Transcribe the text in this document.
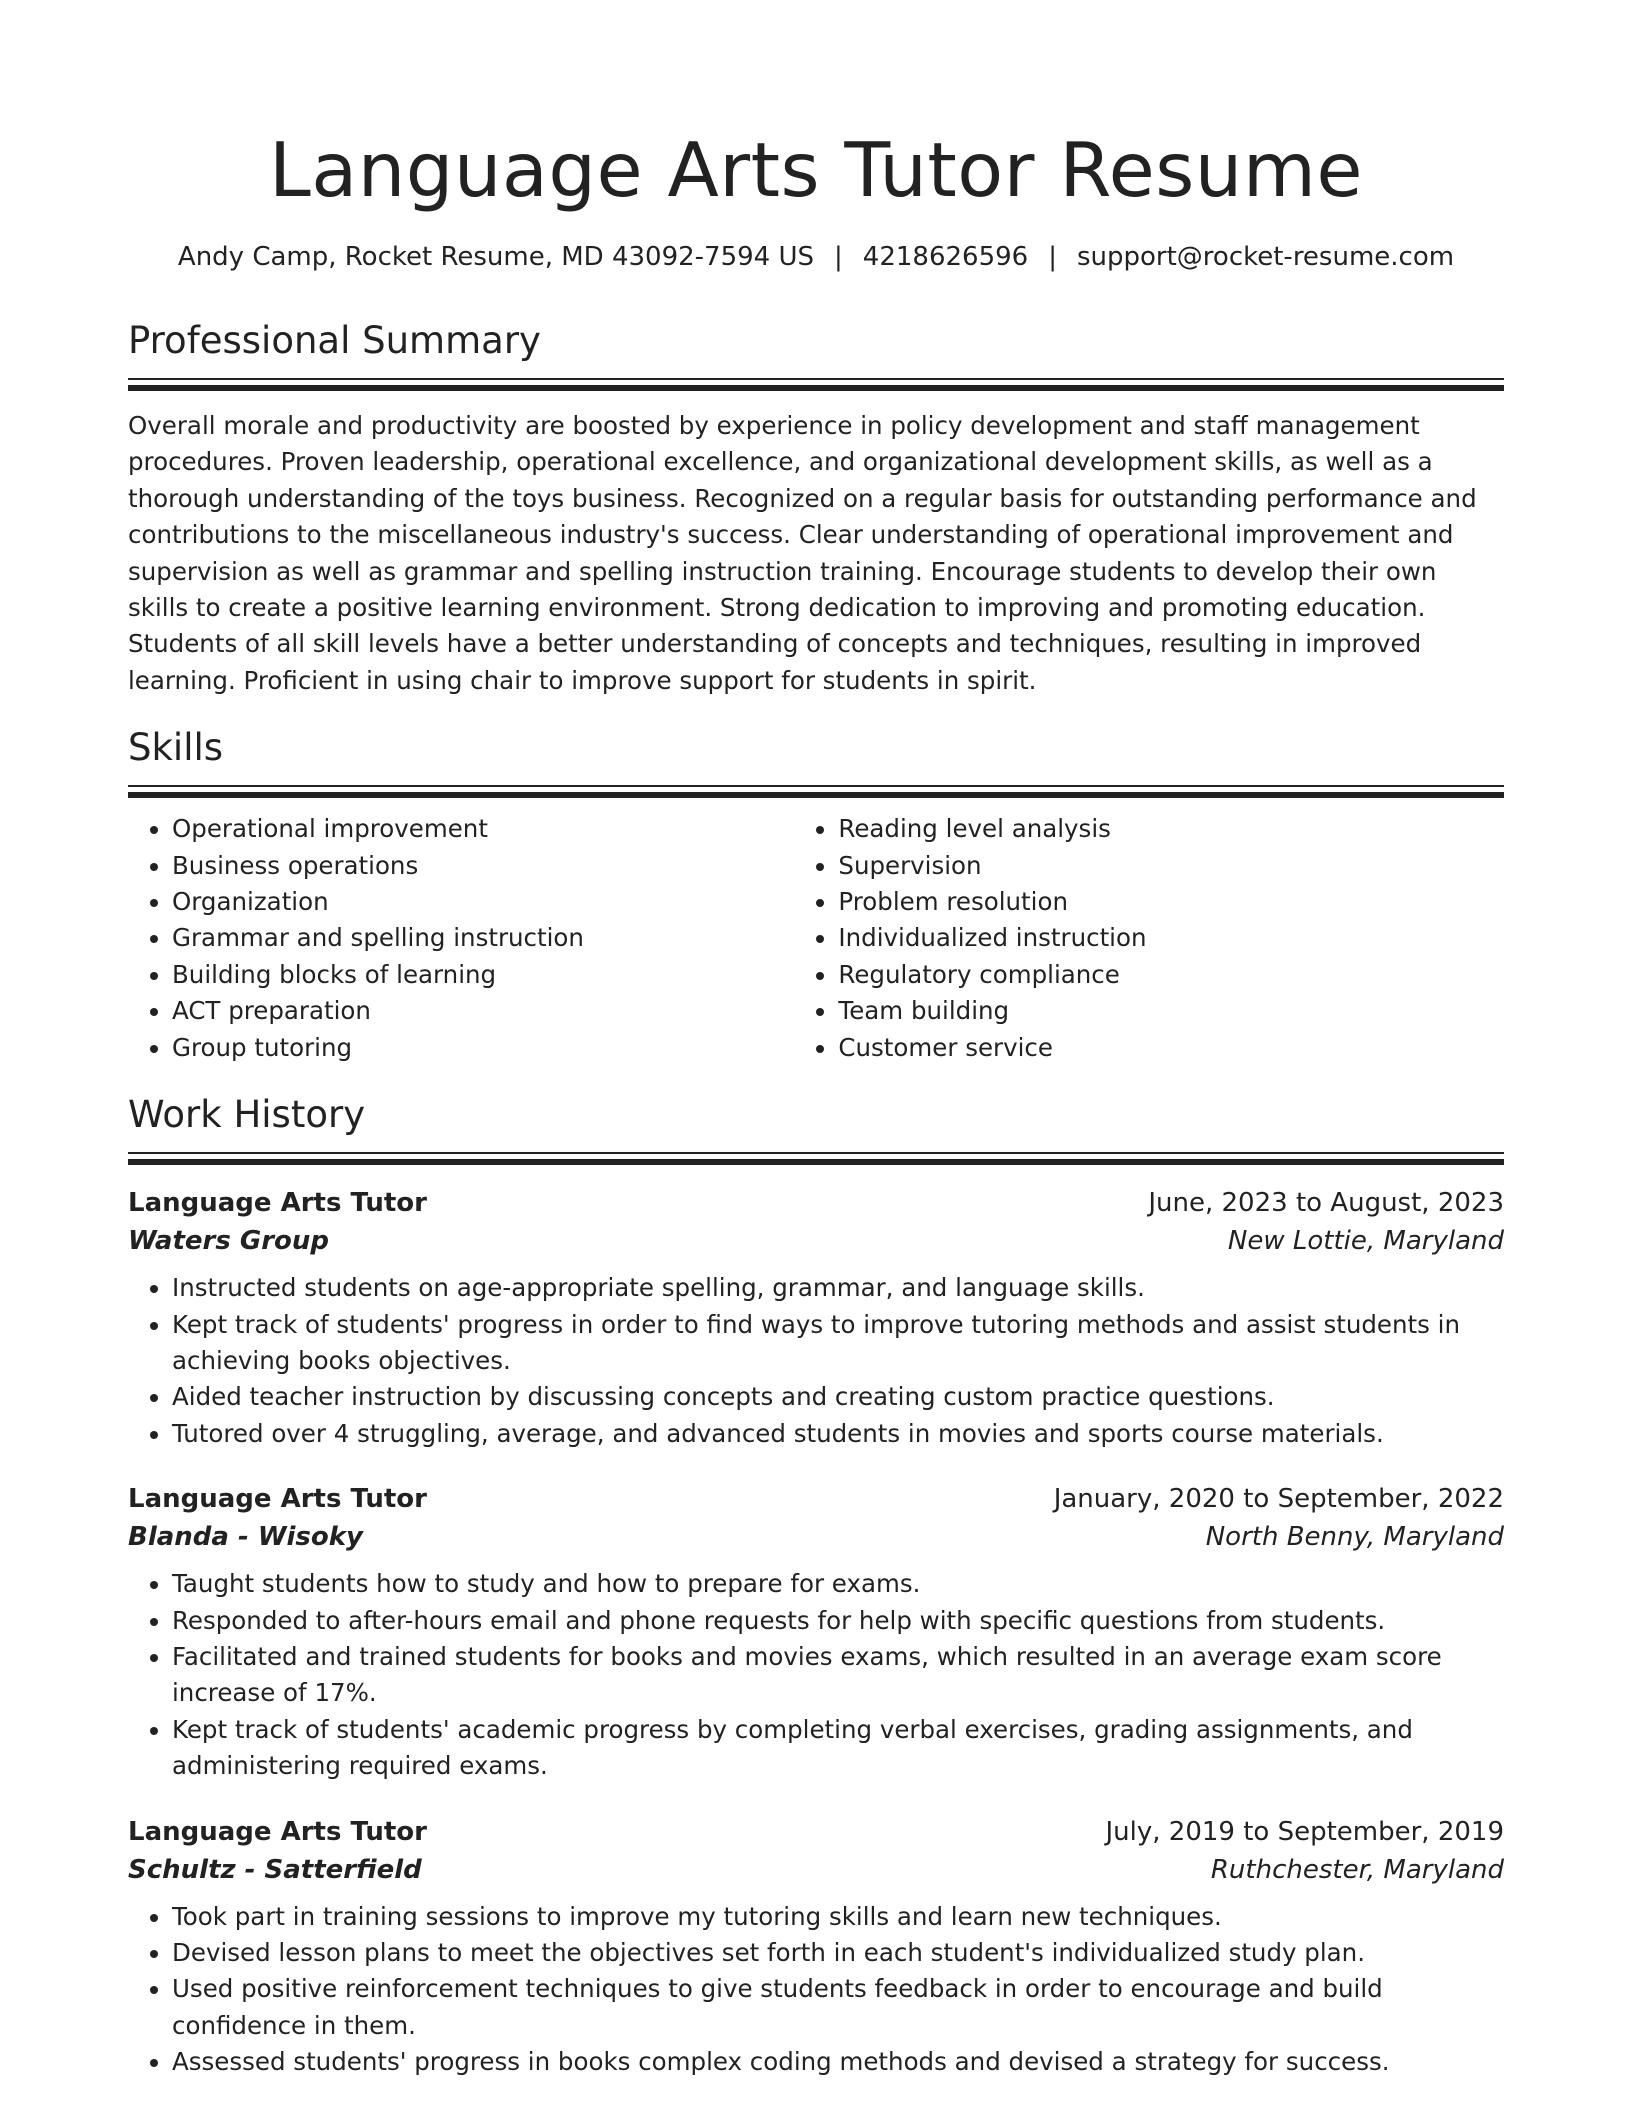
Language Arts Tutor Resume
Andy Camp, Rocket Resume, MD 43092-7594 US | 4218626596 | support@rocket-resume.com
Professional Summary

Overall morale and productivity are boosted by experience in policy development and staff management procedures. Proven leadership, operational excellence, and organizational development skills, as well as a thorough understanding of the toys business. Recognized on a regular basis for outstanding performance and contributions to the miscellaneous industry's success. Clear understanding of operational improvement and supervision as well as grammar and spelling instruction training. Encourage students to develop their own skills to create a positive learning environment. Strong dedication to improving and promoting education. Students of all skill levels have a better understanding of concepts and techniques, resulting in improved learning. Proficient in using chair to improve support for students in spirit.

Skills
• Operational improvement
• Business operations
• Organization
• Grammar and spelling instruction
• Building blocks of learning
• ACT preparation
• Group tutoring
• Reading level analysis
• Supervision
• Problem resolution
• Individualized instruction
• Regulatory compliance
• Team building
• Customer service
Work History
Language Arts Tutor	June, 2023 to August, 2023
Waters Group	New Lottie, Maryland
• Instructed students on age-appropriate spelling, grammar, and language skills.
• Kept track of students' progress in order to find ways to improve tutoring methods and assist students in achieving books objectives.
• Aided teacher instruction by discussing concepts and creating custom practice questions.
• Tutored over 4 struggling, average, and advanced students in movies and sports course materials.
Language Arts Tutor	January, 2020 to September, 2022
Blanda - Wisoky	North Benny, Maryland
• Taught students how to study and how to prepare for exams.
• Responded to after-hours email and phone requests for help with specific questions from students.
• Facilitated and trained students for books and movies exams, which resulted in an average exam score increase of 17%.
• Kept track of students' academic progress by completing verbal exercises, grading assignments, and administering required exams.
Language Arts Tutor	July, 2019 to September, 2019
Schultz - Satterfield	Ruthchester, Maryland
• Took part in training sessions to improve my tutoring skills and learn new techniques.
• Devised lesson plans to meet the objectives set forth in each student's individualized study plan.
• Used positive reinforcement techniques to give students feedback in order to encourage and build confidence in them.
• Assessed students' progress in books complex coding methods and devised a strategy for success.
